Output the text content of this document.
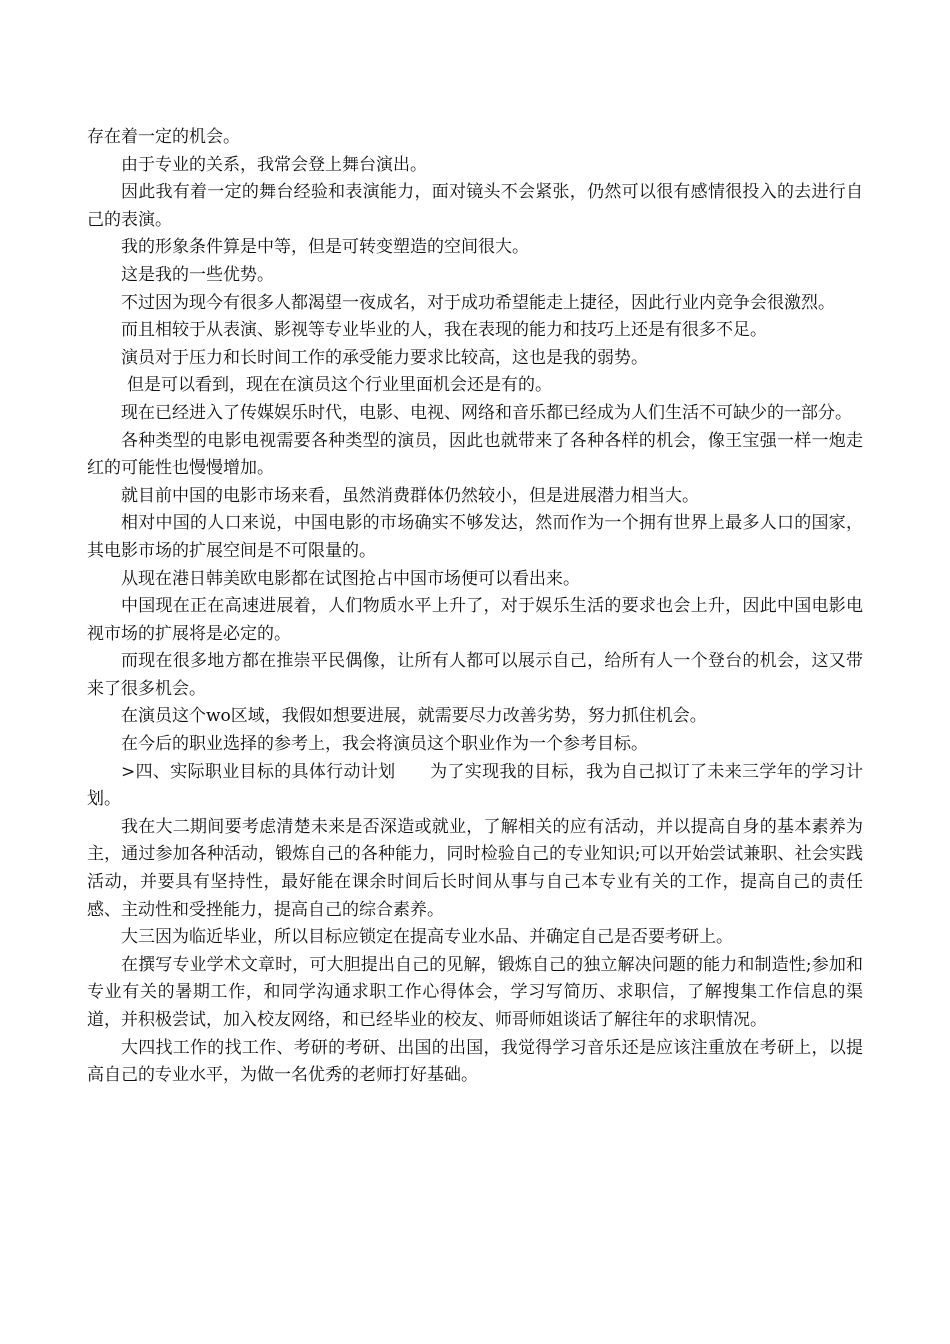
存在着一定的机会。

由于专业的关系，我常会登上舞台演出。

因此我有着一定的舞台经验和表演能力，面对镜头不会紧张，仍然可以很有感情很投入的去进行自己的表演。

我的形象条件算是中等，但是可转变塑造的空间很大。

这是我的一些优势。

不过因为现今有很多人都渴望一夜成名，对于成功希望能走上捷径，因此行业内竞争会很激烈。

而且相较于从表演、影视等专业毕业的人，我在表现的能力和技巧上还是有很多不足。

演员对于压力和长时间工作的承受能力要求比较高，这也是我的弱势。

但是可以看到，现在在演员这个行业里面机会还是有的。

现在已经进入了传媒娱乐时代，电影、电视、网络和音乐都已经成为人们生活不可缺少的一部分。

各种类型的电影电视需要各种类型的演员，因此也就带来了各种各样的机会，像王宝强一样一炮走红的可能性也慢慢增加。

就目前中国的电影市场来看，虽然消费群体仍然较小，但是进展潜力相当大。

相对中国的人口来说，中国电影的市场确实不够发达，然而作为一个拥有世界上最多人口的国家，其电影市场的扩展空间是不可限量的。

从现在港日韩美欧电影都在试图抢占中国市场便可以看出来。

中国现在正在高速进展着，人们物质水平上升了，对于娱乐生活的要求也会上升，因此中国电影电视市场的扩展将是必定的。

而现在很多地方都在推崇平民偶像，让所有人都可以展示自己，给所有人一个登台的机会，这又带来了很多机会。

在演员这个wo区域，我假如想要进展，就需要尽力改善劣势，努力抓住机会。

在今后的职业选择的参考上，我会将演员这个职业作为一个参考目标。

>四、实际职业目标的具体行动计划　　为了实现我的目标，我为自己拟订了未来三学年的学习计划。

我在大二期间要考虑清楚未来是否深造或就业，了解相关的应有活动，并以提高自身的基本素养为主，通过参加各种活动，锻炼自己的各种能力，同时检验自己的专业知识;可以开始尝试兼职、社会实践活动，并要具有坚持性，最好能在课余时间后长时间从事与自己本专业有关的工作，提高自己的责任感、主动性和受挫能力，提高自己的综合素养。

大三因为临近毕业，所以目标应锁定在提高专业水品、并确定自己是否要考研上。

在撰写专业学术文章时，可大胆提出自己的见解，锻炼自己的独立解决问题的能力和制造性;参加和专业有关的暑期工作，和同学沟通求职工作心得体会，学习写简历、求职信，了解搜集工作信息的渠道，并积极尝试，加入校友网络，和已经毕业的校友、师哥师姐谈话了解往年的求职情况。

大四找工作的找工作、考研的考研、出国的出国，我觉得学习音乐还是应该注重放在考研上，以提高自己的专业水平，为做一名优秀的老师打好基础。
